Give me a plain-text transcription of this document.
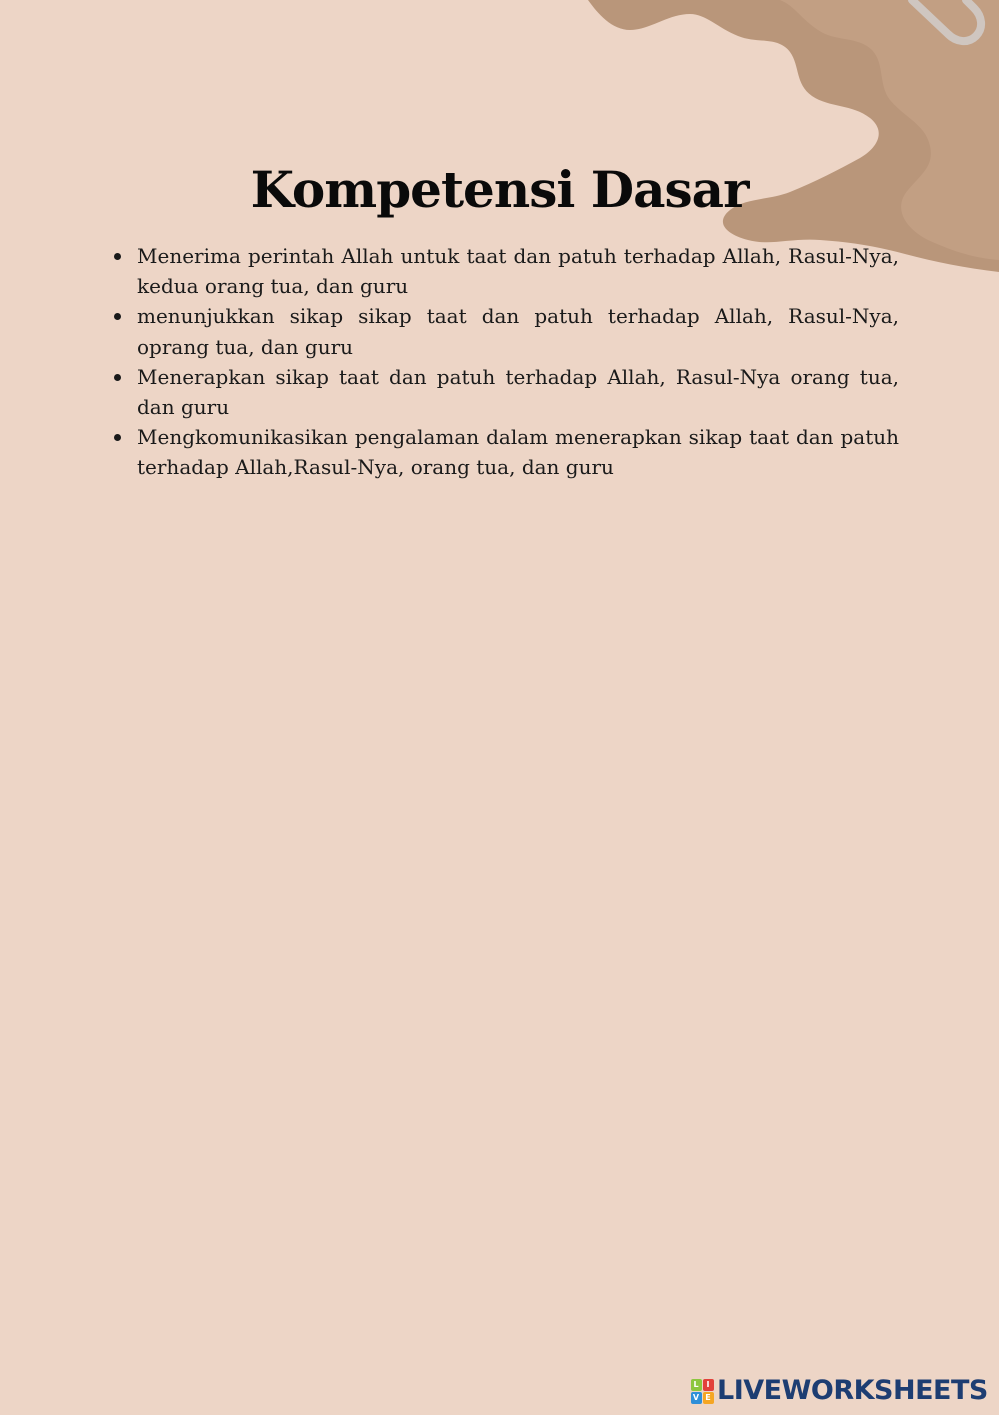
Kompetensi Dasar
Menerima perintah Allah untuk taat dan patuh terhadap Allah, Rasul-Nya, kedua orang tua, dan guru
menunjukkan sikap sikap taat dan patuh terhadap Allah, Rasul-Nya, oprang tua, dan guru
Menerapkan sikap taat dan patuh terhadap Allah, Rasul-Nya orang tua, dan guru
Mengkomunikasikan pengalaman dalam menerapkan sikap taat dan patuh terhadap Allah,Rasul-Nya, orang tua, dan guru
L I
V E LIVEWORKSHEETS
